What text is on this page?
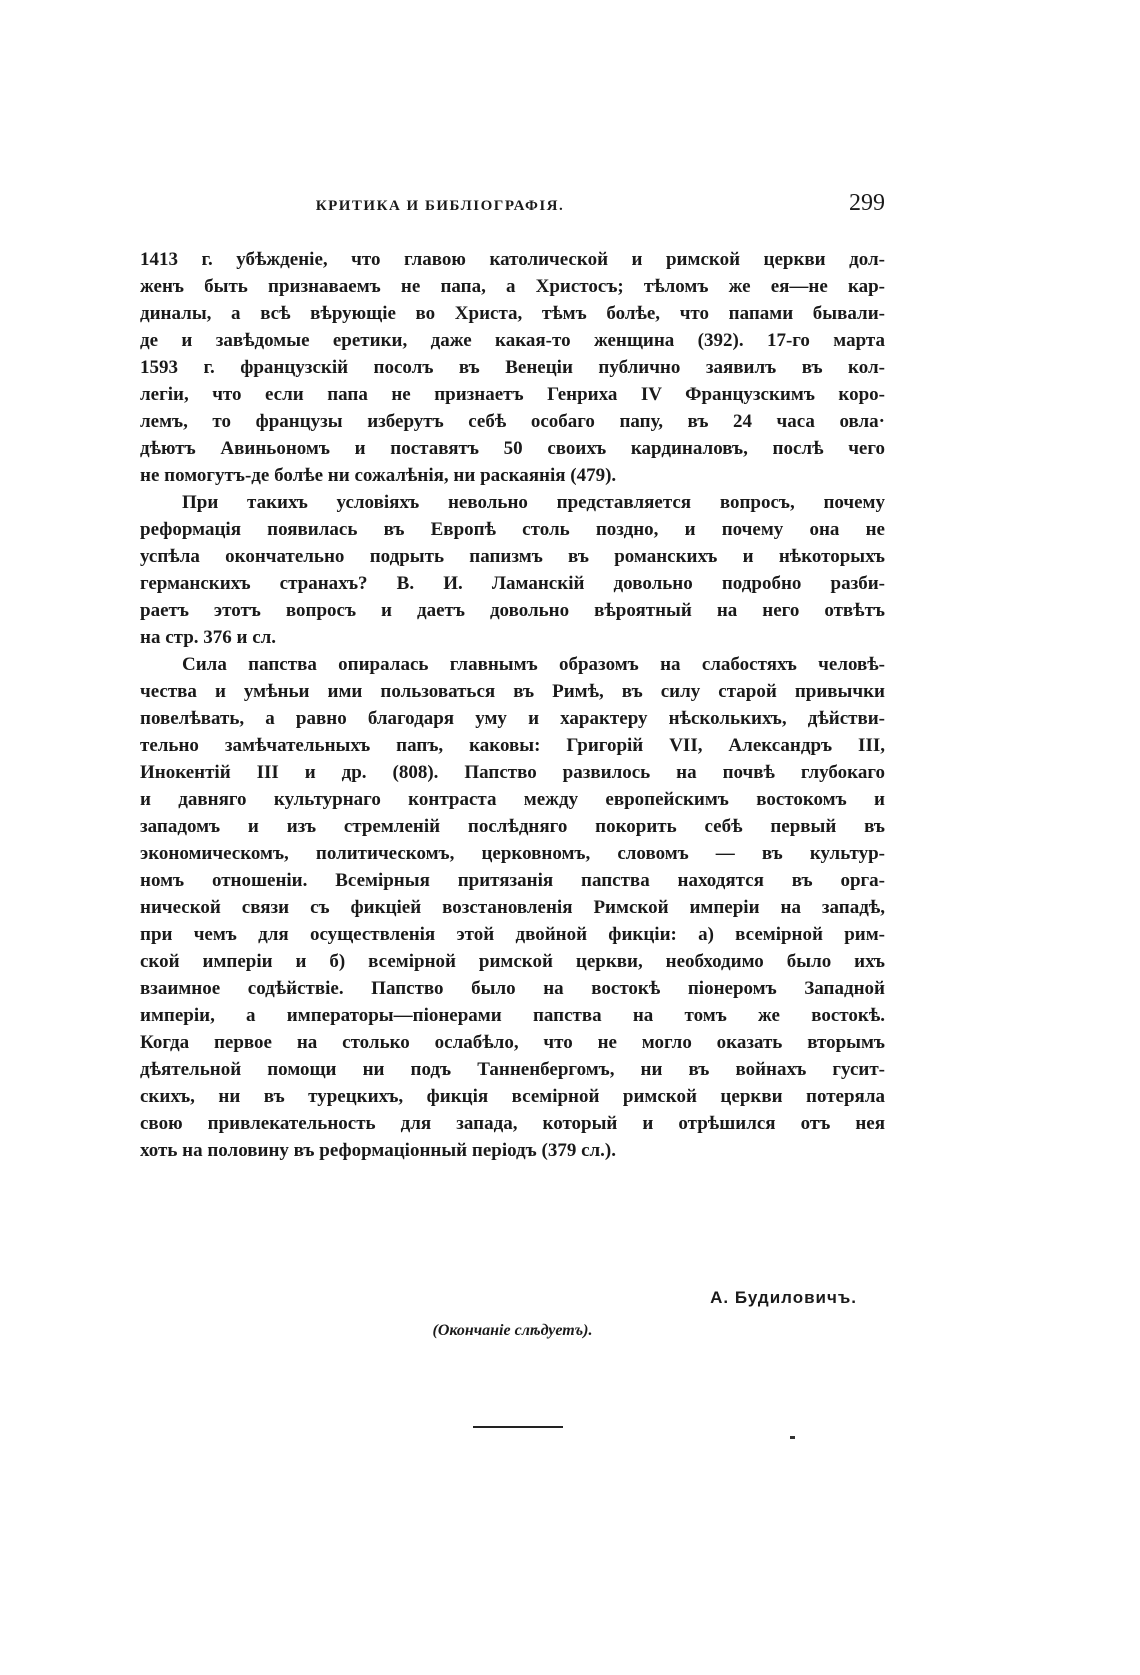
КРИТИКА И БИБЛІОГРАФІЯ.	299
1413 г. убѣжденіе, что главою католической и римской церкви дол-
женъ быть признаваемъ не папа, а Христосъ; тѣломъ же ея—не кар-
диналы, а всѣ вѣрующіе во Христа, тѣмъ болѣе, что папами бывали-
де и завѣдомые еретики, даже какая-то женщина (392). 17-го марта
1593 г. французскій посолъ въ Венеціи публично заявилъ въ кол-
легіи, что если папа не признаетъ Генриха IV Французскимъ коро-
лемъ, то французы изберутъ себѣ особаго папу, въ 24 часа овла·
дѣютъ Авиньономъ и поставятъ 50 своихъ кардиналовъ, послѣ чего
не помогутъ-де болѣе ни сожалѣнія, ни раскаянія (479).
При такихъ условіяхъ невольно представляется вопросъ, почему
реформація появилась въ Европѣ столь поздно, и почему она не
успѣла окончательно подрыть папизмъ въ романскихъ и нѣкоторыхъ
германскихъ странахъ? В. И. Ламанскій довольно подробно разби-
раетъ этотъ вопросъ и даетъ довольно вѣроятный на него отвѣтъ
на стр. 376 и сл.
Сила папства опиралась главнымъ образомъ на слабостяхъ человѣ-
чества и умѣньи ими пользоваться въ Римѣ, въ силу старой привычки
повелѣвать, а равно благодаря уму и характеру нѣсколькихъ, дѣйстви-
тельно замѣчательныхъ папъ, каковы: Григорій VII, Александръ III,
Инокентій III и др. (808). Папство развилось на почвѣ глубокаго
и давняго культурнаго контраста между европейскимъ востокомъ и
западомъ и изъ стремленій послѣдняго покорить себѣ первый въ
экономическомъ, политическомъ, церковномъ, словомъ — въ культур-
номъ отношеніи. Всемірныя притязанія папства находятся въ орга-
нической связи съ фикціей возстановленія Римской имперіи на западѣ,
при чемъ для осуществленія этой двойной фикціи: а) всемірной рим-
ской имперіи и б) всемірной римской церкви, необходимо было ихъ
взаимное содѣйствіе. Папство было на востокѣ піонеромъ Западной
имперіи, а императоры—піонерами папства на томъ же востокѣ.
Когда первое на столько ослабѣло, что не могло оказать вторымъ
дѣятельной помощи ни подъ Танненбергомъ, ни въ войнахъ гусит-
скихъ, ни въ турецкихъ, фикція всемірной римской церкви потеряла
свою привлекательность для запада, который и отрѣшился отъ нея
хоть на половину въ реформаціонный періодъ (379 сл.).
А. Будиловичъ.
(Окончаніе слѣдуетъ).
